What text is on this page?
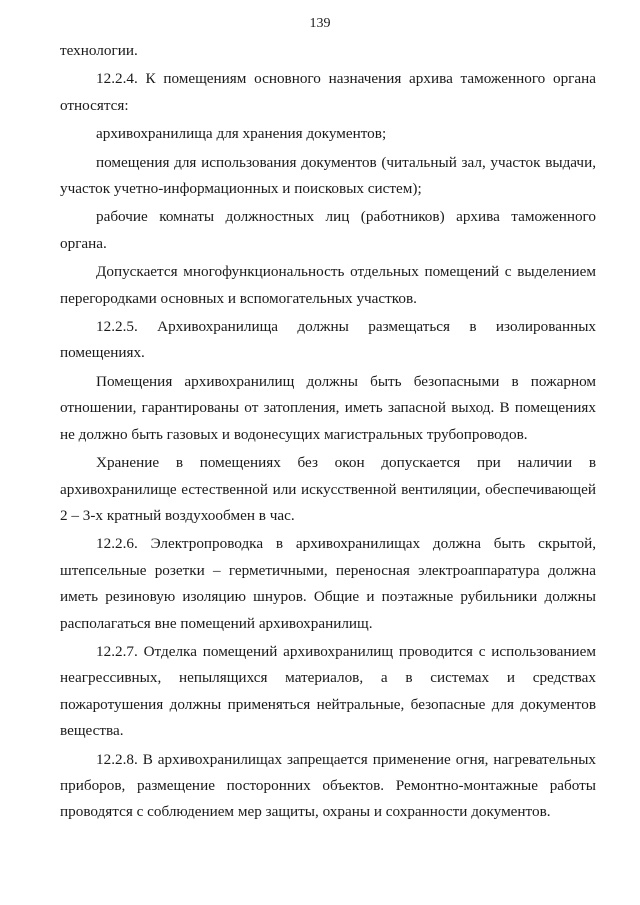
139

технологии.

12.2.4. К помещениям основного назначения архива таможенного органа относятся:

архивохранилища для хранения документов;

помещения для использования документов (читальный зал, участок выдачи, участок учетно-информационных и поисковых систем);

рабочие комнаты должностных лиц (работников) архива таможенного органа.

Допускается многофункциональность отдельных помещений с выделением перегородками основных и вспомогательных участков.

12.2.5. Архивохранилища должны размещаться в изолированных помещениях.

Помещения архивохранилищ должны быть безопасными в пожарном отношении, гарантированы от затопления, иметь запасной выход. В помещениях не должно быть газовых и водонесущих магистральных трубопроводов.

Хранение в помещениях без окон допускается при наличии в архивохранилище естественной или искусственной вентиляции, обеспечивающей 2 – 3-х кратный воздухообмен в час.

12.2.6. Электропроводка в архивохранилищах должна быть скрытой, штепсельные розетки – герметичными, переносная электроаппаратура должна иметь резиновую изоляцию шнуров. Общие и поэтажные рубильники должны располагаться вне помещений архивохранилищ.

12.2.7. Отделка помещений архивохранилищ проводится с использованием неагрессивных, непылящихся материалов, а в системах и средствах пожаротушения должны применяться нейтральные, безопасные для документов вещества.

12.2.8. В архивохранилищах запрещается применение огня, нагревательных приборов, размещение посторонних объектов. Ремонтно-монтажные работы проводятся с соблюдением мер защиты, охраны и сохранности документов.
